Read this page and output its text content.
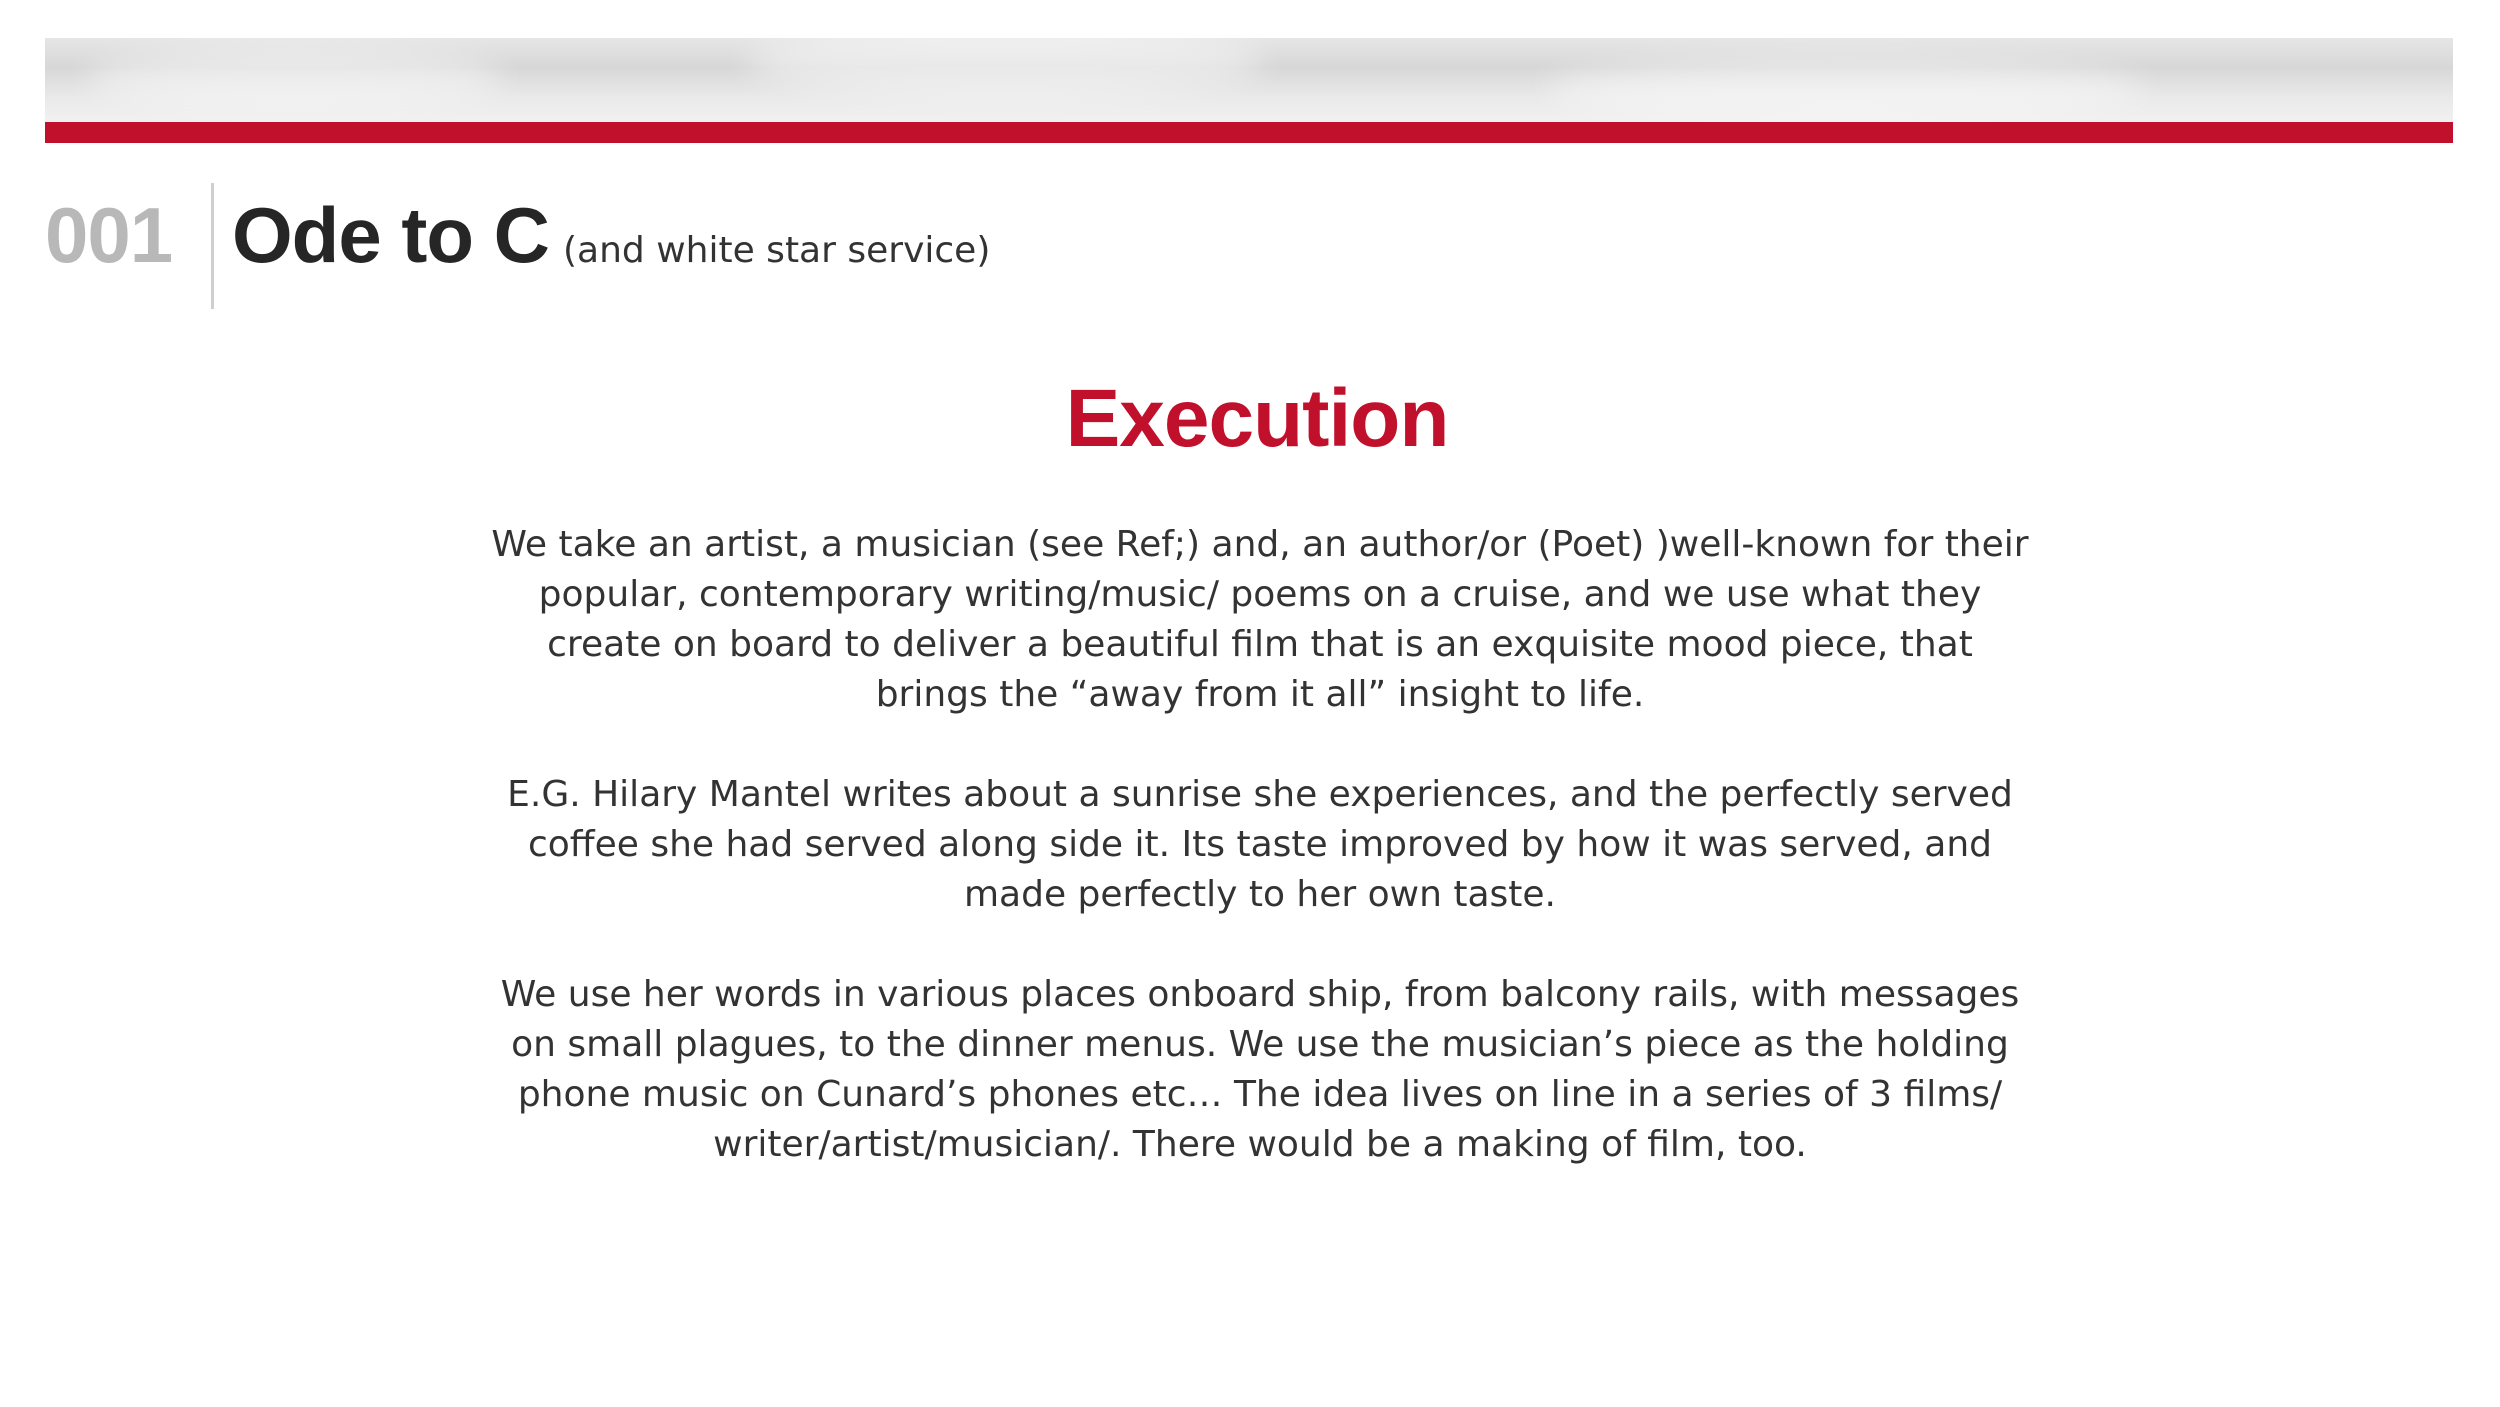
001 Ode to C (and white star service)
Execution

We take an artist, a musician (see Ref;) and, an author/or (Poet) )well-known for their popular, contemporary writing/music/ poems on a cruise, and we use what they create on board to deliver a beautiful film that is an exquisite mood piece, that brings the “away from it all” insight to life.

E.G. Hilary Mantel writes about a sunrise she experiences, and the perfectly served coffee she had served along side it. Its taste improved by how it was served, and made perfectly to her own taste.

We use her words in various places onboard ship, from balcony rails, with messages on small plagues, to the dinner menus. We use the musician’s piece as the holding phone music on Cunard’s phones etc… The idea lives on line in a series of 3 films/ writer/artist/musician/. There would be a making of film, too.
